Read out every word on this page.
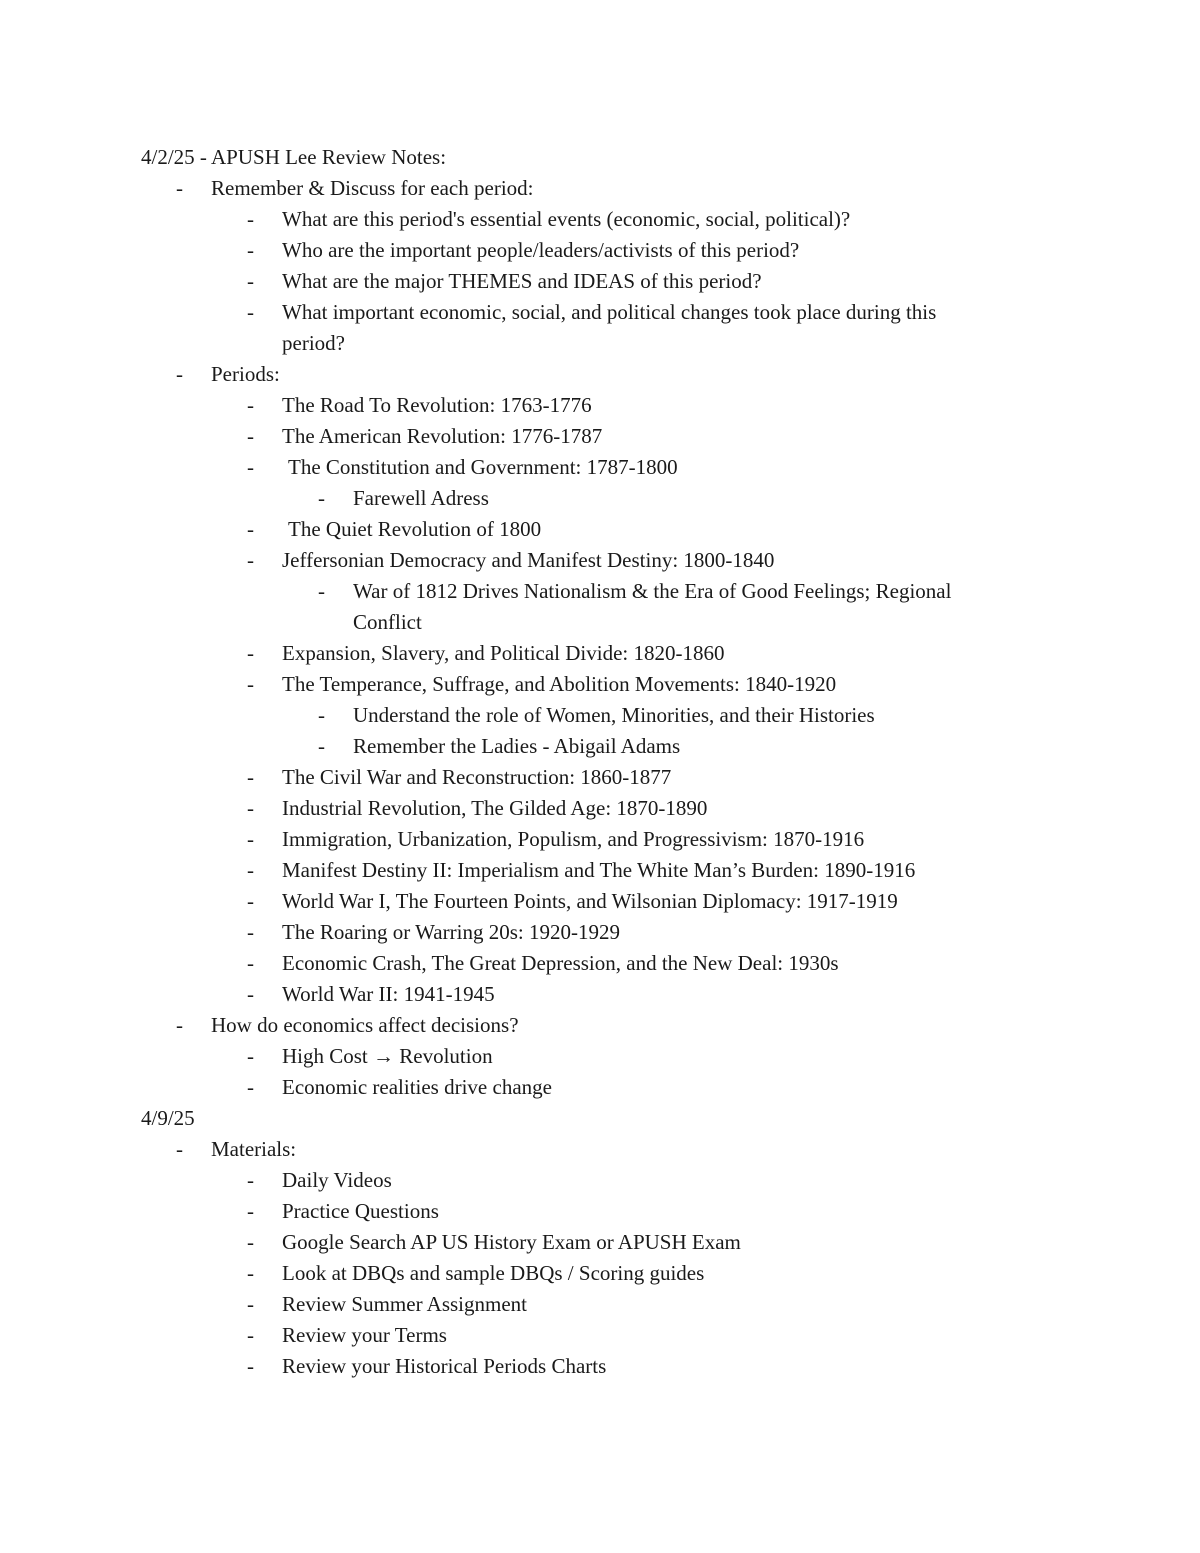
4/2/25 - APUSH Lee Review Notes:
- Remember & Discuss for each period:
- What are this period's essential events (economic, social, political)?
- Who are the important people/leaders/activists of this period?
- What are the major THEMES and IDEAS of this period?
- What important economic, social, and political changes took place during this
period?
- Periods:
- The Road To Revolution: 1763-1776
- The American Revolution: 1776-1787
- The Constitution and Government: 1787-1800
- Farewell Adress
- The Quiet Revolution of 1800
- Jeffersonian Democracy and Manifest Destiny: 1800-1840
- War of 1812 Drives Nationalism & the Era of Good Feelings; Regional
Conflict
- Expansion, Slavery, and Political Divide: 1820-1860
- The Temperance, Suffrage, and Abolition Movements: 1840-1920
- Understand the role of Women, Minorities, and their Histories
- Remember the Ladies - Abigail Adams
- The Civil War and Reconstruction: 1860-1877
- Industrial Revolution, The Gilded Age: 1870-1890
- Immigration, Urbanization, Populism, and Progressivism: 1870-1916
- Manifest Destiny II: Imperialism and The White Man’s Burden: 1890-1916
- World War I, The Fourteen Points, and Wilsonian Diplomacy: 1917-1919
- The Roaring or Warring 20s: 1920-1929
- Economic Crash, The Great Depression, and the New Deal: 1930s
- World War II: 1941-1945
- How do economics affect decisions?
- High Cost → Revolution
- Economic realities drive change
4/9/25
- Materials:
- Daily Videos
- Practice Questions
- Google Search AP US History Exam or APUSH Exam
- Look at DBQs and sample DBQs / Scoring guides
- Review Summer Assignment
- Review your Terms
- Review your Historical Periods Charts
